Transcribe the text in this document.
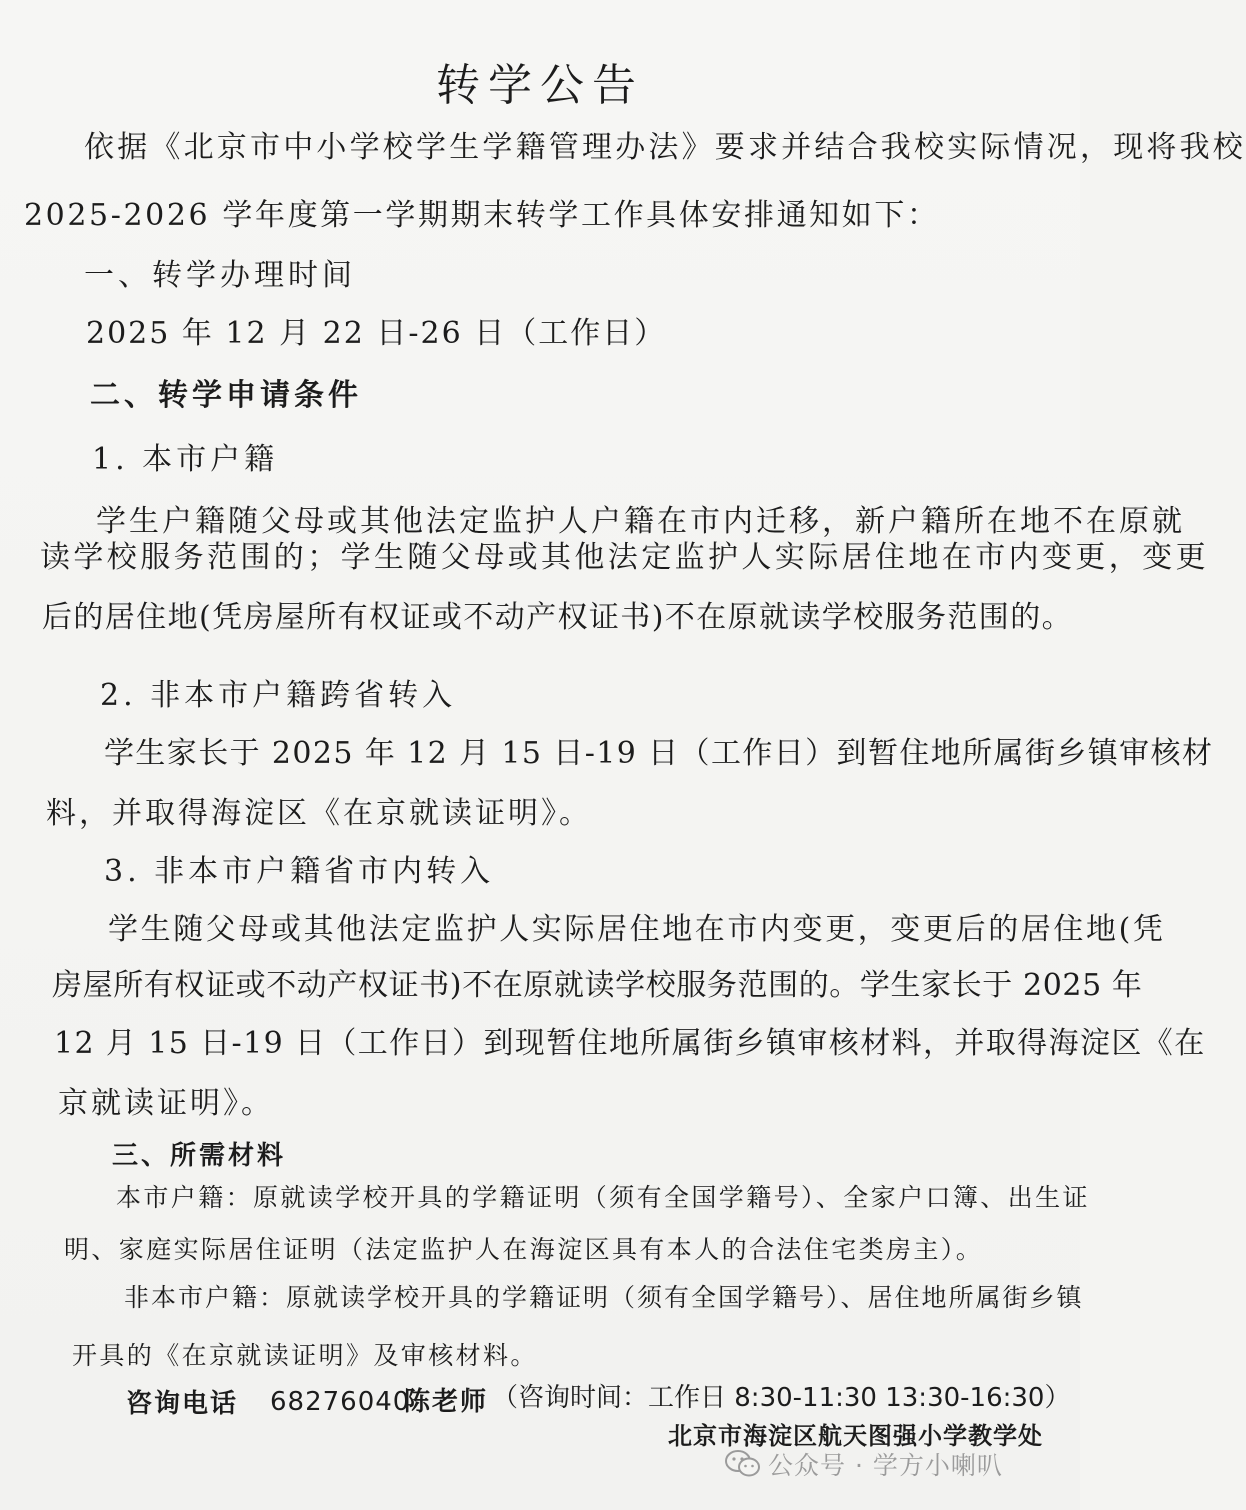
转学公告
依据《北京市中小学校学生学籍管理办法》要求并结合我校实际情况，现将我校
2025-2026 学年度第一学期期末转学工作具体安排通知如下：
一、转学办理时间
2025 年 12 月 22 日-26 日（工作日）
二、转学申请条件
1. 本市户籍
学生户籍随父母或其他法定监护人户籍在市内迁移，新户籍所在地不在原就
读学校服务范围的；学生随父母或其他法定监护人实际居住地在市内变更，变更
后的居住地(凭房屋所有权证或不动产权证书)不在原就读学校服务范围的。
2. 非本市户籍跨省转入
学生家长于 2025 年 12 月 15 日-19 日（工作日）到暂住地所属街乡镇审核材
料，并取得海淀区《在京就读证明》。
3. 非本市户籍省市内转入
学生随父母或其他法定监护人实际居住地在市内变更，变更后的居住地(凭
房屋所有权证或不动产权证书)不在原就读学校服务范围的。学生家长于 2025 年
12 月 15 日-19 日（工作日）到现暂住地所属街乡镇审核材料，并取得海淀区《在
京就读证明》。
三、所需材料
本市户籍：原就读学校开具的学籍证明（须有全国学籍号）、全家户口簿、出生证
明、家庭实际居住证明（法定监护人在海淀区具有本人的合法住宅类房主）。
非本市户籍：原就读学校开具的学籍证明（须有全国学籍号）、居住地所属街乡镇
开具的《在京就读证明》及审核材料。
咨询电话 68276040
陈老师 （咨询时间：工作日 8:30-11:30 13:30-16:30）
北京市海淀区航天图强小学教学处
公众号 · 学方小喇叭
